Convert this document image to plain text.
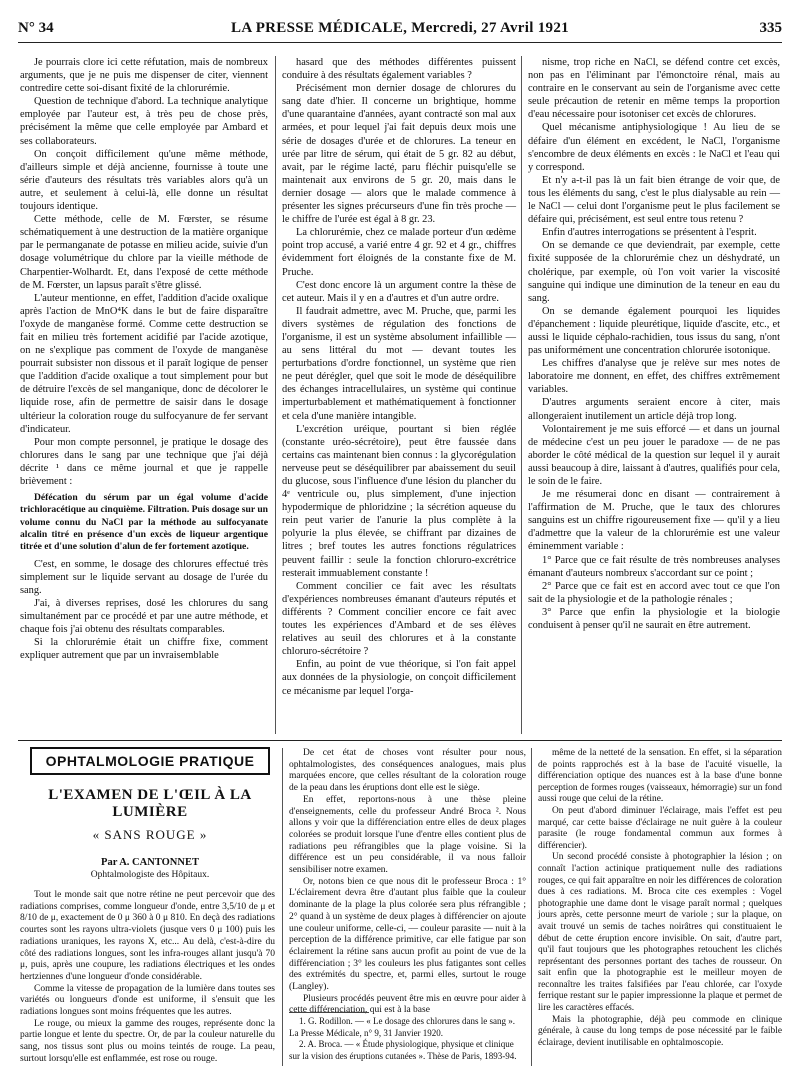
N° 34	LA PRESSE MÉDICALE, Mercredi, 27 Avril 1921	335

Je pourrais clore ici cette réfutation, mais de nombreux arguments, que je ne puis me dispenser de citer, viennent contredire cette soi-disant fixité de la chlorurémie.

Question de technique d'abord. La technique analytique employée par l'auteur est, à très peu de chose près, précisément la même que celle employée par Ambard et ses collaborateurs.

On conçoit difficilement qu'une même méthode, d'ailleurs simple et déjà ancienne, fournisse à toute une série d'auteurs des résultats très variables alors qu'à un autre, et seulement à celui-là, elle donne un résultat toujours identique.

Cette méthode, celle de M. Fœrster, se résume schématiquement à une destruction de la matière organique par le permanganate de potasse en milieu acide, suivie d'un dosage volumétrique du chlore par la vieille méthode de Charpentier-Wolhardt. Et, dans l'exposé de cette méthode de M. Fœrster, un lapsus paraît s'être glissé.

L'auteur mentionne, en effet, l'addition d'acide oxalique après l'action de MnO⁴K dans le but de faire disparaître l'oxyde de manganèse formé. Comme cette destruction se fait en milieu très fortement acidifié par l'acide azotique, on ne s'explique pas comment de l'oxyde de manganèse pourrait subsister non dissous et il paraît logique de penser que l'addition d'acide oxalique a tout simplement pour but de détruire l'excès de sel manganique, donc de décolorer le liquide rose, afin de permettre de saisir dans le dosage ultérieur la coloration rouge du sulfocyanure de fer servant d'indicateur.

Pour mon compte personnel, je pratique le dosage des chlorures dans le sang par une technique que j'ai déjà décrite ¹ dans ce même journal et que je rappelle brièvement :

Défécation du sérum par un égal volume d'acide trichloracétique au cinquième. Filtration. Puis dosage sur un volume connu du NaCl par la méthode au sulfocyanate alcalin titré en présence d'un excès de liqueur argentique titrée et d'une solution d'alun de fer fortement azotique.

C'est, en somme, le dosage des chlorures effectué très simplement sur le liquide servant au dosage de l'urée du sang.

J'ai, à diverses reprises, dosé les chlorures du sang simultanément par ce procédé et par une autre méthode, et chaque fois j'ai obtenu des résultats comparables.

Si la chlorurémie était un chiffre fixe, comment expliquer autrement que par un invraisemblable

hasard que des méthodes différentes puissent conduire à des résultats également variables ?

Précisément mon dernier dosage de chlorures du sang date d'hier. Il concerne un brightique, homme d'une quarantaine d'années, ayant contracté son mal aux armées, et pour lequel j'ai fait depuis deux mois une série de dosages d'urée et de chlorures. La teneur en urée par litre de sérum, qui était de 5 gr. 82 au début, avait, par le régime lacté, paru fléchir puisqu'elle se maintenait aux environs de 5 gr. 20, mais dans le dernier dosage — alors que le malade commence à présenter les signes précurseurs d'une fin très proche — le chiffre de l'urée est égal à 8 gr. 23.

La chlorurémie, chez ce malade porteur d'un œdème point trop accusé, a varié entre 4 gr. 92 et 4 gr., chiffres évidemment fort éloignés de la constante fixe de M. Pruche.

C'est donc encore là un argument contre la thèse de cet auteur. Mais il y en a d'autres et d'un autre ordre.

Il faudrait admettre, avec M. Pruche, que, parmi les divers systèmes de régulation des fonctions de l'organisme, il est un système absolument infaillible — au sens littéral du mot — devant toutes les perturbations d'ordre fonctionnel, un système que rien ne peut dérégler, quel que soit le mode de déséquilibre des échanges intracellulaires, un système qui continue imperturbablement et mathématiquement à fonctionner et cela d'une manière intangible.

L'excrétion uréique, pourtant si bien réglée (constante uréo-sécrétoire), peut être faussée dans certains cas maintenant bien connus : la glycorégulation nerveuse peut se déséquilibrer par abaissement du seuil du glucose, sous l'influence d'une lésion du plancher du 4ᵉ ventricule ou, plus simplement, d'une injection hypodermique de phloridzine ; la sécrétion aqueuse du rein peut varier de l'anurie la plus complète à la polyurie la plus élevée, se chiffrant par dizaines de litres ; bref toutes les autres fonctions régulatrices peuvent faillir : seule la fonction chloruro-excrétrice resterait immuablement constante !

Comment concilier ce fait avec les résultats d'expériences nombreuses émanant d'auteurs réputés et différents ? Comment concilier encore ce fait avec toutes les expériences d'Ambard et de ses élèves relatives au seuil des chlorures et à la constante chloruro-sécrétoire ?

Enfin, au point de vue théorique, si l'on fait appel aux données de la physiologie, on conçoit difficilement ce mécanisme par lequel l'orga-

nisme, trop riche en NaCl, se défend contre cet excès, non pas en l'éliminant par l'émonctoire rénal, mais au contraire en le conservant au sein de l'organisme avec cette seule précaution de retenir en même temps la proportion d'eau nécessaire pour isotoniser cet excès de chlorures.

Quel mécanisme antiphysiologique ! Au lieu de se défaire d'un élément en excédent, le NaCl, l'organisme s'encombre de deux éléments en excès : le NaCl et l'eau qui y correspond.

Et n'y a-t-il pas là un fait bien étrange de voir que, de tous les éléments du sang, c'est le plus dialysable au rein — le NaCl — celui dont l'organisme peut le plus facilement se défaire qui, précisément, est seul entre tous retenu ?

Enfin d'autres interrogations se présentent à l'esprit.

On se demande ce que deviendrait, par exemple, cette fixité supposée de la chlorurémie chez un déshydraté, un cholérique, par exemple, où l'on voit varier la viscosité sanguine qui indique une diminution de la teneur en eau du sang.

On se demande également pourquoi les liquides d'épanchement : liquide pleurétique, liquide d'ascite, etc., et aussi le liquide céphalo-rachidien, tous issus du sang, n'ont pas uniformément une concentration chlorurée isotonique.

Les chiffres d'analyse que je relève sur mes notes de laboratoire me donnent, en effet, des chiffres extrêmement variables.

D'autres arguments seraient encore à citer, mais allongeraient inutilement un article déjà trop long.

Volontairement je me suis efforcé — et dans un journal de médecine c'est un peu jouer le paradoxe — de ne pas aborder le côté médical de la question sur lequel il y aurait aussi beaucoup à dire, laissant à d'autres, qualifiés pour cela, le soin de le faire.

Je me résumerai donc en disant — contrairement à l'affirmation de M. Pruche, que le taux des chlorures sanguins est un chiffre rigoureusement fixe — qu'il y a lieu d'admettre que la valeur de la chlorurémie est une valeur éminemment variable :

1° Parce que ce fait résulte de très nombreuses analyses émanant d'auteurs nombreux s'accordant sur ce point ;

2° Parce que ce fait est en accord avec tout ce que l'on sait de la physiologie et de la pathologie rénales ;

3° Parce que enfin la physiologie et la biologie conduisent à penser qu'il ne saurait en être autrement.

OPHTALMOLOGIE PRATIQUE
L'EXAMEN DE L'ŒIL À LA LUMIÈRE
« SANS ROUGE »
Par A. CANTONNET
Ophtalmologiste des Hôpitaux.

Tout le monde sait que notre rétine ne peut percevoir que des radiations comprises, comme longueur d'onde, entre 3,5/10 de μ et 8/10 de μ, exactement de 0 μ 360 à 0 μ 810. En deçà des radiations courtes sont les rayons ultra-violets (jusque vers 0 μ 100) puis les radiations uraniques, les rayons X, etc... Au delà, c'est-à-dire du côté des radiations longues, sont les infra-rouges allant jusqu'à 70 μ, puis, après une coupure, les radiations électriques et les ondes hertziennes d'une longueur d'onde considérable.

Comme la vitesse de propagation de la lumière dans toutes ses variétés ou longueurs d'onde est uniforme, il s'ensuit que les radiations longues sont moins fréquentes que les autres.

Le rouge, ou mieux la gamme des rouges, représente donc la partie longue et lente du spectre. Or, de par la couleur naturelle du sang, nos tissus sont plus ou moins teintés de rouge. La peau, surtout lorsqu'elle est enflammée, est rose ou rouge.

De cet état de choses vont résulter pour nous, ophtalmologistes, des conséquences analogues, mais plus marquées encore, que celles résultant de la coloration rouge de la peau dans les éruptions dont elle est le siège.

En effet, reportons-nous à une thèse pleine d'enseignements, celle du professeur André Broca ². Nous allons y voir que la différenciation entre elles de deux plages colorées se produit lorsque l'une d'entre elles contient plus de radiations peu réfrangibles que la plage voisine. Si la différence est un peu considérable, il va nous falloir sensibiliser notre examen.

Or, notons bien ce que nous dit le professeur Broca : 1° L'éclairement devra être d'autant plus faible que la couleur dominante de la plage la plus colorée sera plus réfrangible ; 2° quand à un système de deux plages à différencier on ajoute une couleur uniforme, celle-ci, — couleur parasite — nuit à la perception de la différence primitive, car elle fatigue par son éclairement la rétine sans aucun profit au point de vue de la différenciation ; 3° les couleurs les plus fatigantes sont celles des extrémités du spectre, et, parmi elles, surtout le rouge (Langley).

Plusieurs procédés peuvent être mis en œuvre pour aider à cette différenciation, qui est à la base

1. G. Rodillon. — « Le dosage des chlorures dans le sang ». La Presse Médicale, n° 9, 31 Janvier 1920.

2. A. Broca. — « Étude physiologique, physique et clinique sur la vision des éruptions cutanées ». Thèse de Paris, 1893-94.

même de la netteté de la sensation. En effet, si la séparation de points rapprochés est à la base de l'acuité visuelle, la différenciation optique des nuances est à la base d'une bonne perception de formes rouges (vaisseaux, hémorragie) sur un fond aussi rouge que celui de la rétine.

On peut d'abord diminuer l'éclairage, mais l'effet est peu marqué, car cette baisse d'éclairage ne nuit guère à la couleur parasite (le rouge fondamental commun aux formes à différencier).

Un second procédé consiste à photographier la lésion ; on connaît l'action actinique pratiquement nulle des radiations rouges, ce qui fait apparaître en noir les différences de coloration dues à ces radiations. M. Broca cite ces exemples : Vogel photographie une dame dont le visage paraît normal ; quelques jours après, cette personne meurt de variole ; sur la plaque, on avait trouvé un semis de taches noirâtres qui constituaient le début de cette éruption encore invisible. On sait, d'autre part, qu'il faut toujours que les photographes retouchent les clichés représentant des personnes portant des taches de rousseur. On sait enfin que la photographie est le meilleur moyen de reconnaître les traites falsifiées par l'eau chlorée, car l'oxyde ferrique restant sur le papier impressionne la plaque et permet de lire les caractères effacés.

Mais la photographie, déjà peu commode en clinique générale, à cause du long temps de pose nécessité par le faible éclairage, devient inutilisable en ophtalmoscopie.
